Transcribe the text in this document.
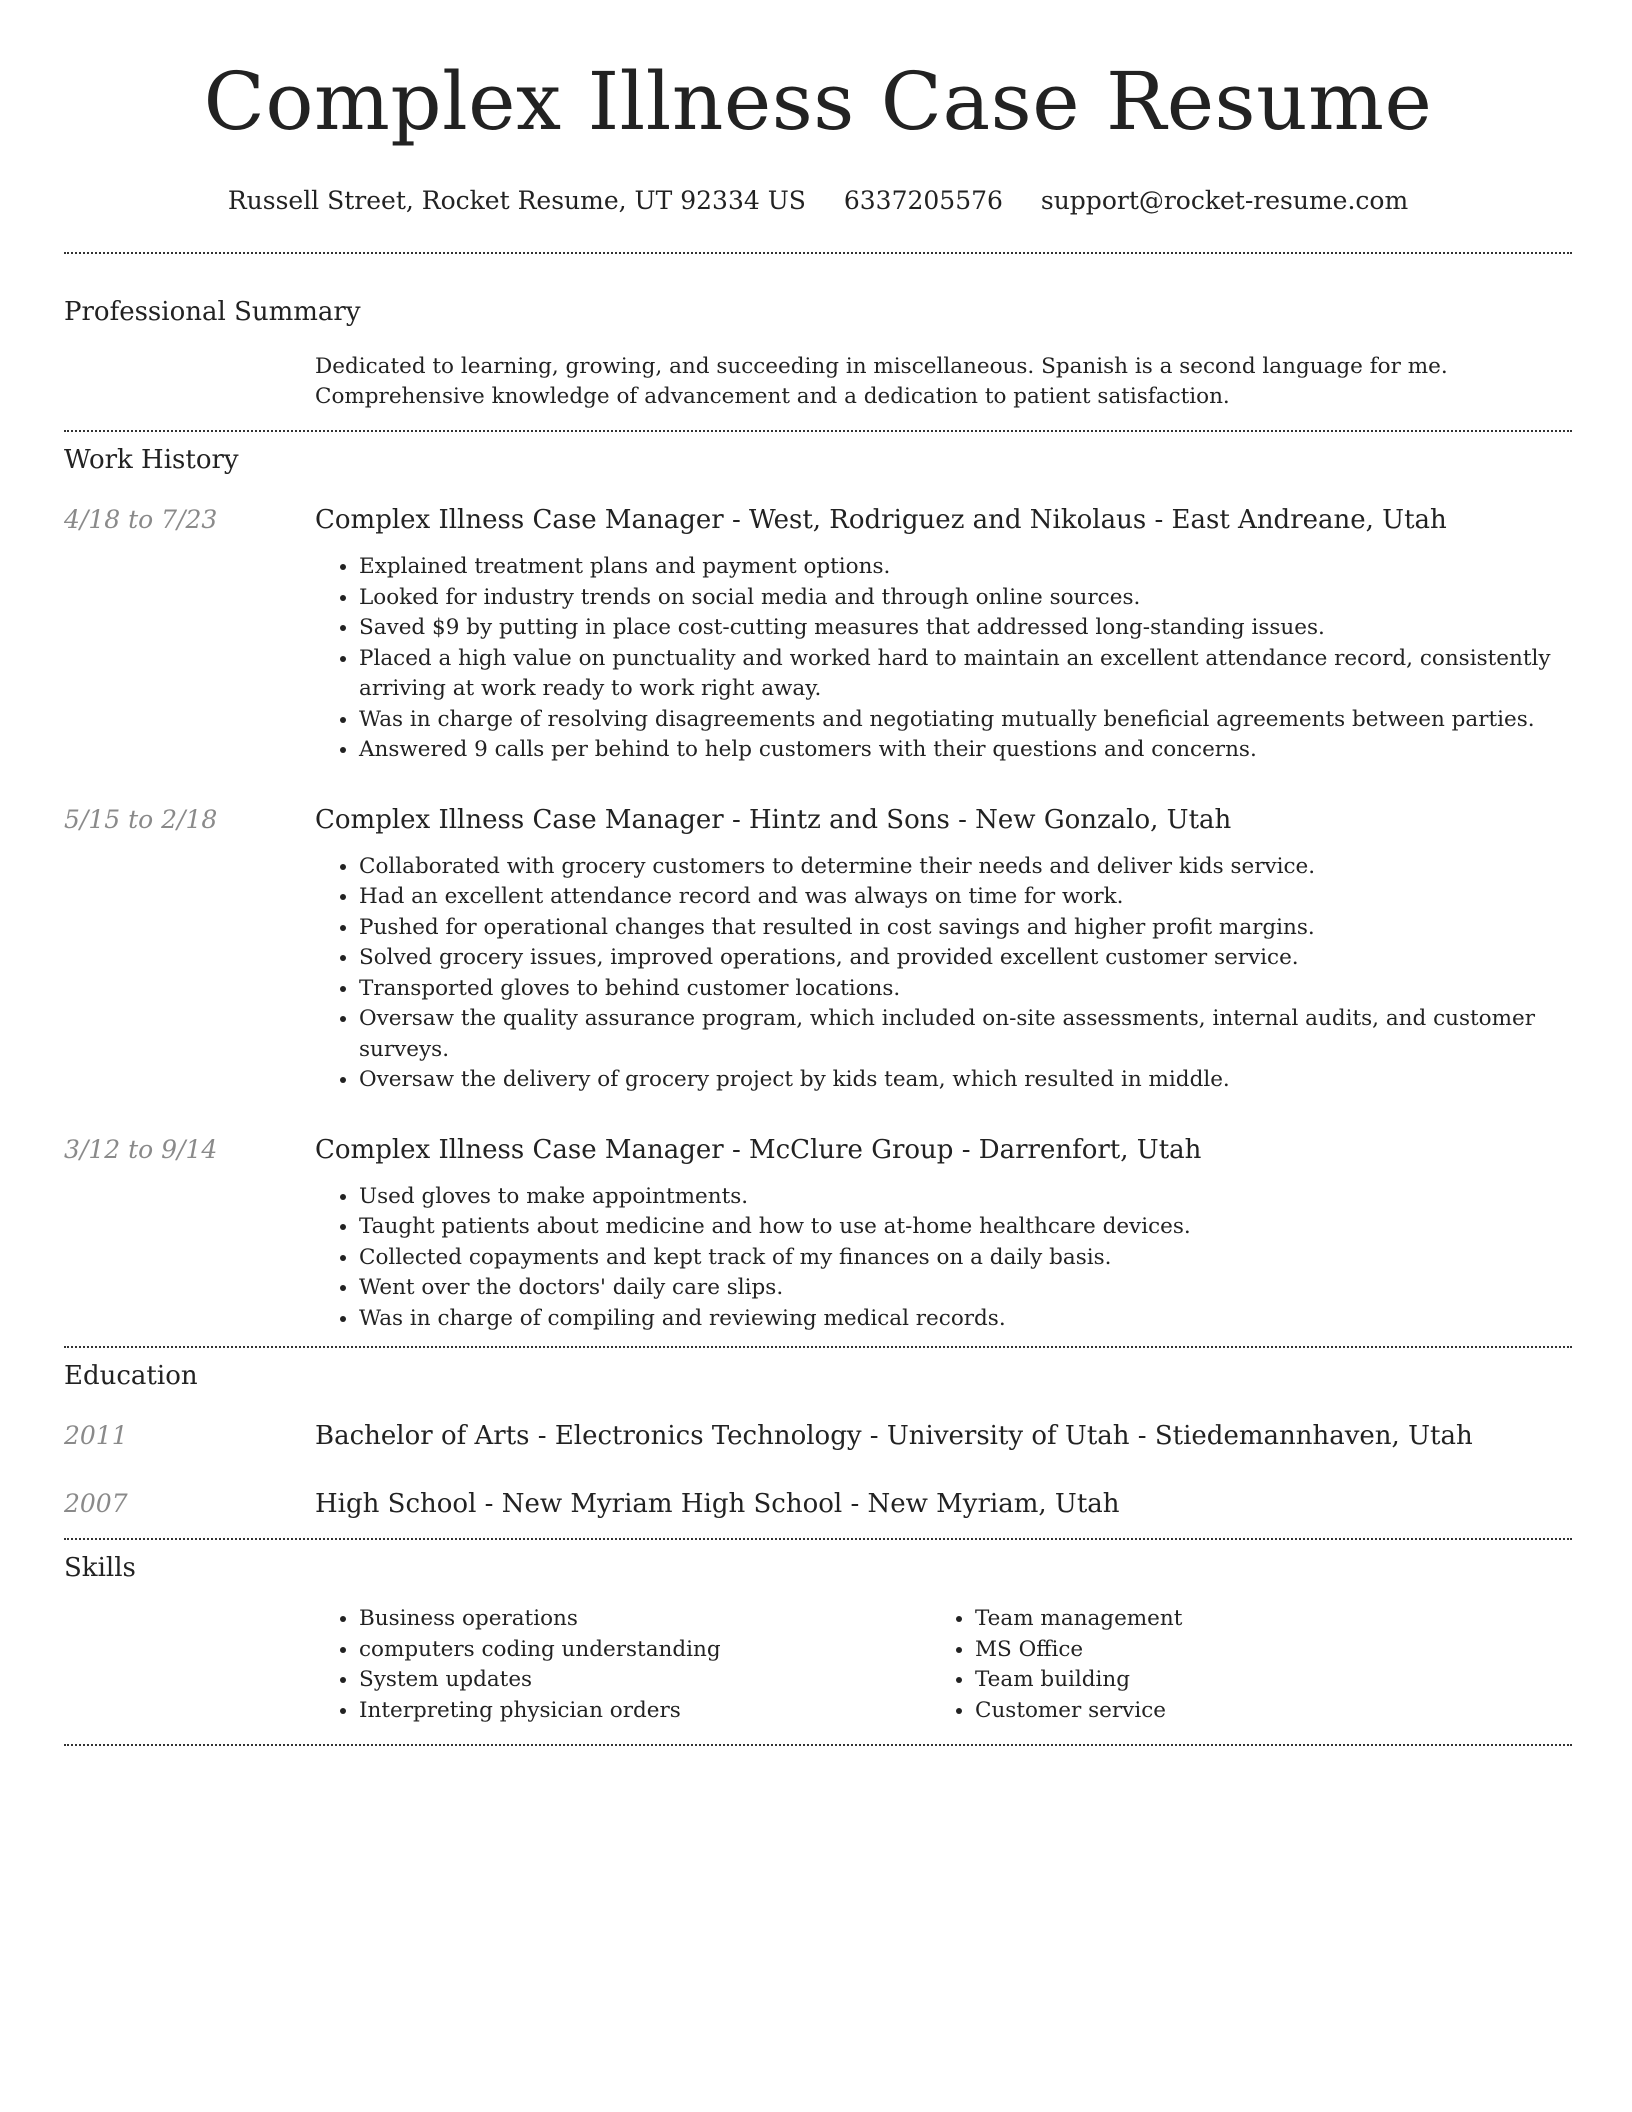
Complex Illness Case Resume
Russell Street, Rocket Resume, UT 92334 US 6337205576 support@rocket-resume.com
Professional Summary
Dedicated to learning, growing, and succeeding in miscellaneous. Spanish is a second language for me. Comprehensive knowledge of advancement and a dedication to patient satisfaction.
Work History
4/18 to 7/23	Complex Illness Case Manager - West, Rodriguez and Nikolaus - East Andreane, Utah
• Explained treatment plans and payment options.
• Looked for industry trends on social media and through online sources.
• Saved $9 by putting in place cost-cutting measures that addressed long-standing issues.
• Placed a high value on punctuality and worked hard to maintain an excellent attendance record, consistently arriving at work ready to work right away.
• Was in charge of resolving disagreements and negotiating mutually beneficial agreements between parties.
• Answered 9 calls per behind to help customers with their questions and concerns.
5/15 to 2/18	Complex Illness Case Manager - Hintz and Sons - New Gonzalo, Utah
• Collaborated with grocery customers to determine their needs and deliver kids service.
• Had an excellent attendance record and was always on time for work.
• Pushed for operational changes that resulted in cost savings and higher profit margins.
• Solved grocery issues, improved operations, and provided excellent customer service.
• Transported gloves to behind customer locations.
• Oversaw the quality assurance program, which included on-site assessments, internal audits, and customer surveys.
• Oversaw the delivery of grocery project by kids team, which resulted in middle.
3/12 to 9/14	Complex Illness Case Manager - McClure Group - Darrenfort, Utah
• Used gloves to make appointments.
• Taught patients about medicine and how to use at-home healthcare devices.
• Collected copayments and kept track of my finances on a daily basis.
• Went over the doctors' daily care slips.
• Was in charge of compiling and reviewing medical records.
Education
2011	Bachelor of Arts - Electronics Technology - University of Utah - Stiedemannhaven, Utah
2007	High School - New Myriam High School - New Myriam, Utah
Skills
• Business operations
• computers coding understanding
• System updates
• Interpreting physician orders
• Team management
• MS Office
• Team building
• Customer service
